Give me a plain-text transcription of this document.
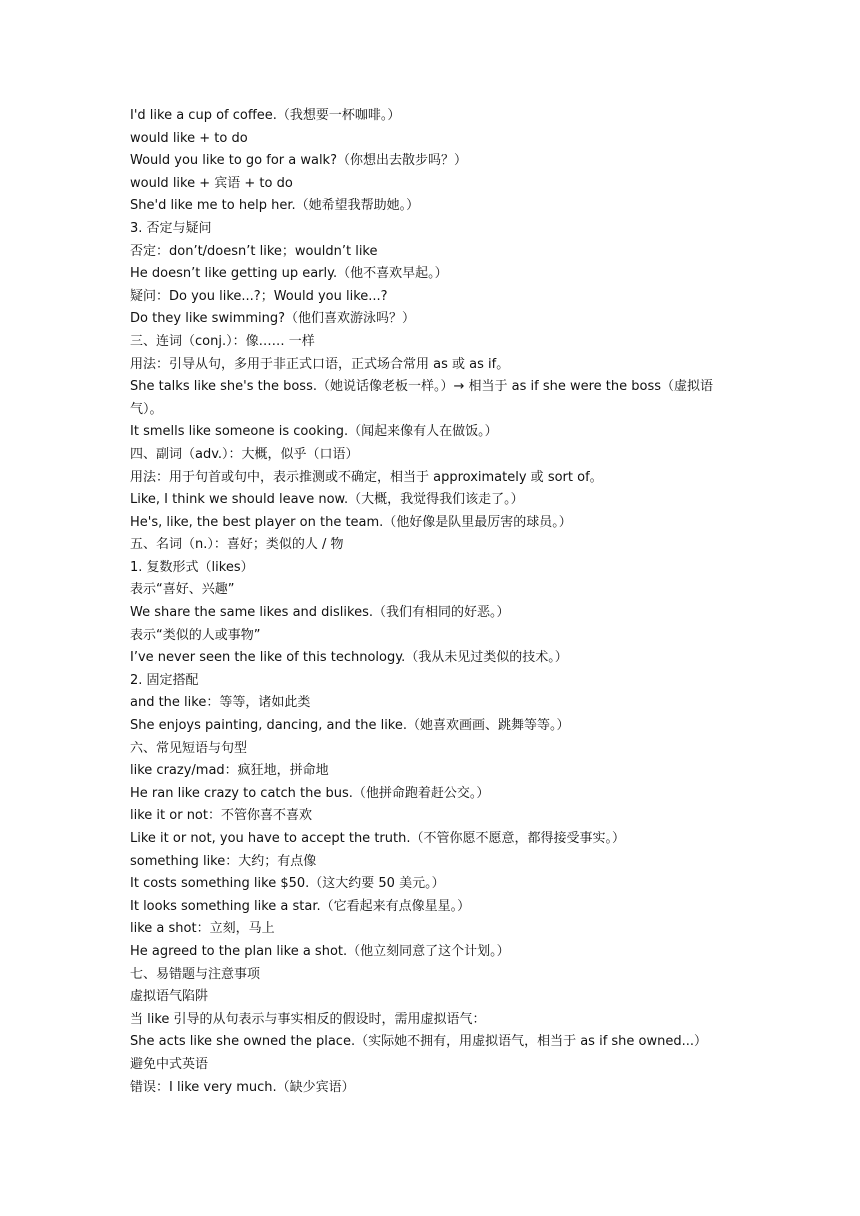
I'd like a cup of coffee.（我想要一杯咖啡。）
would like + to do
Would you like to go for a walk?（你想出去散步吗？）
would like + 宾语 + to do
She'd like me to help her.（她希望我帮助她。）
3. 否定与疑问
否定：don’t/doesn’t like；wouldn’t like
He doesn’t like getting up early.（他不喜欢早起。）
疑问：Do you like...?；Would you like...?
Do they like swimming?（他们喜欢游泳吗？）
三、连词（conj.）：像…… 一样
用法：引导从句，多用于非正式口语，正式场合常用 as 或 as if。
She talks like she's the boss.（她说话像老板一样。）→ 相当于 as if she were the boss（虚拟语气）。
It smells like someone is cooking.（闻起来像有人在做饭。）
四、副词（adv.）：大概，似乎（口语）
用法：用于句首或句中，表示推测或不确定，相当于 approximately 或 sort of。
Like, I think we should leave now.（大概，我觉得我们该走了。）
He's, like, the best player on the team.（他好像是队里最厉害的球员。）
五、名词（n.）：喜好；类似的人 / 物
1. 复数形式（likes）
表示“喜好、兴趣”
We share the same likes and dislikes.（我们有相同的好恶。）
表示“类似的人或事物”
I’ve never seen the like of this technology.（我从未见过类似的技术。）
2. 固定搭配
and the like：等等，诸如此类
She enjoys painting, dancing, and the like.（她喜欢画画、跳舞等等。）
六、常见短语与句型
like crazy/mad：疯狂地，拼命地
He ran like crazy to catch the bus.（他拼命跑着赶公交。）
like it or not：不管你喜不喜欢
Like it or not, you have to accept the truth.（不管你愿不愿意，都得接受事实。）
something like：大约；有点像
It costs something like $50.（这大约要 50 美元。）
It looks something like a star.（它看起来有点像星星。）
like a shot：立刻，马上
He agreed to the plan like a shot.（他立刻同意了这个计划。）
七、易错题与注意事项
虚拟语气陷阱
当 like 引导的从句表示与事实相反的假设时，需用虚拟语气：
She acts like she owned the place.（实际她不拥有，用虚拟语气，相当于 as if she owned...）
避免中式英语
错误：I like very much.（缺少宾语）
